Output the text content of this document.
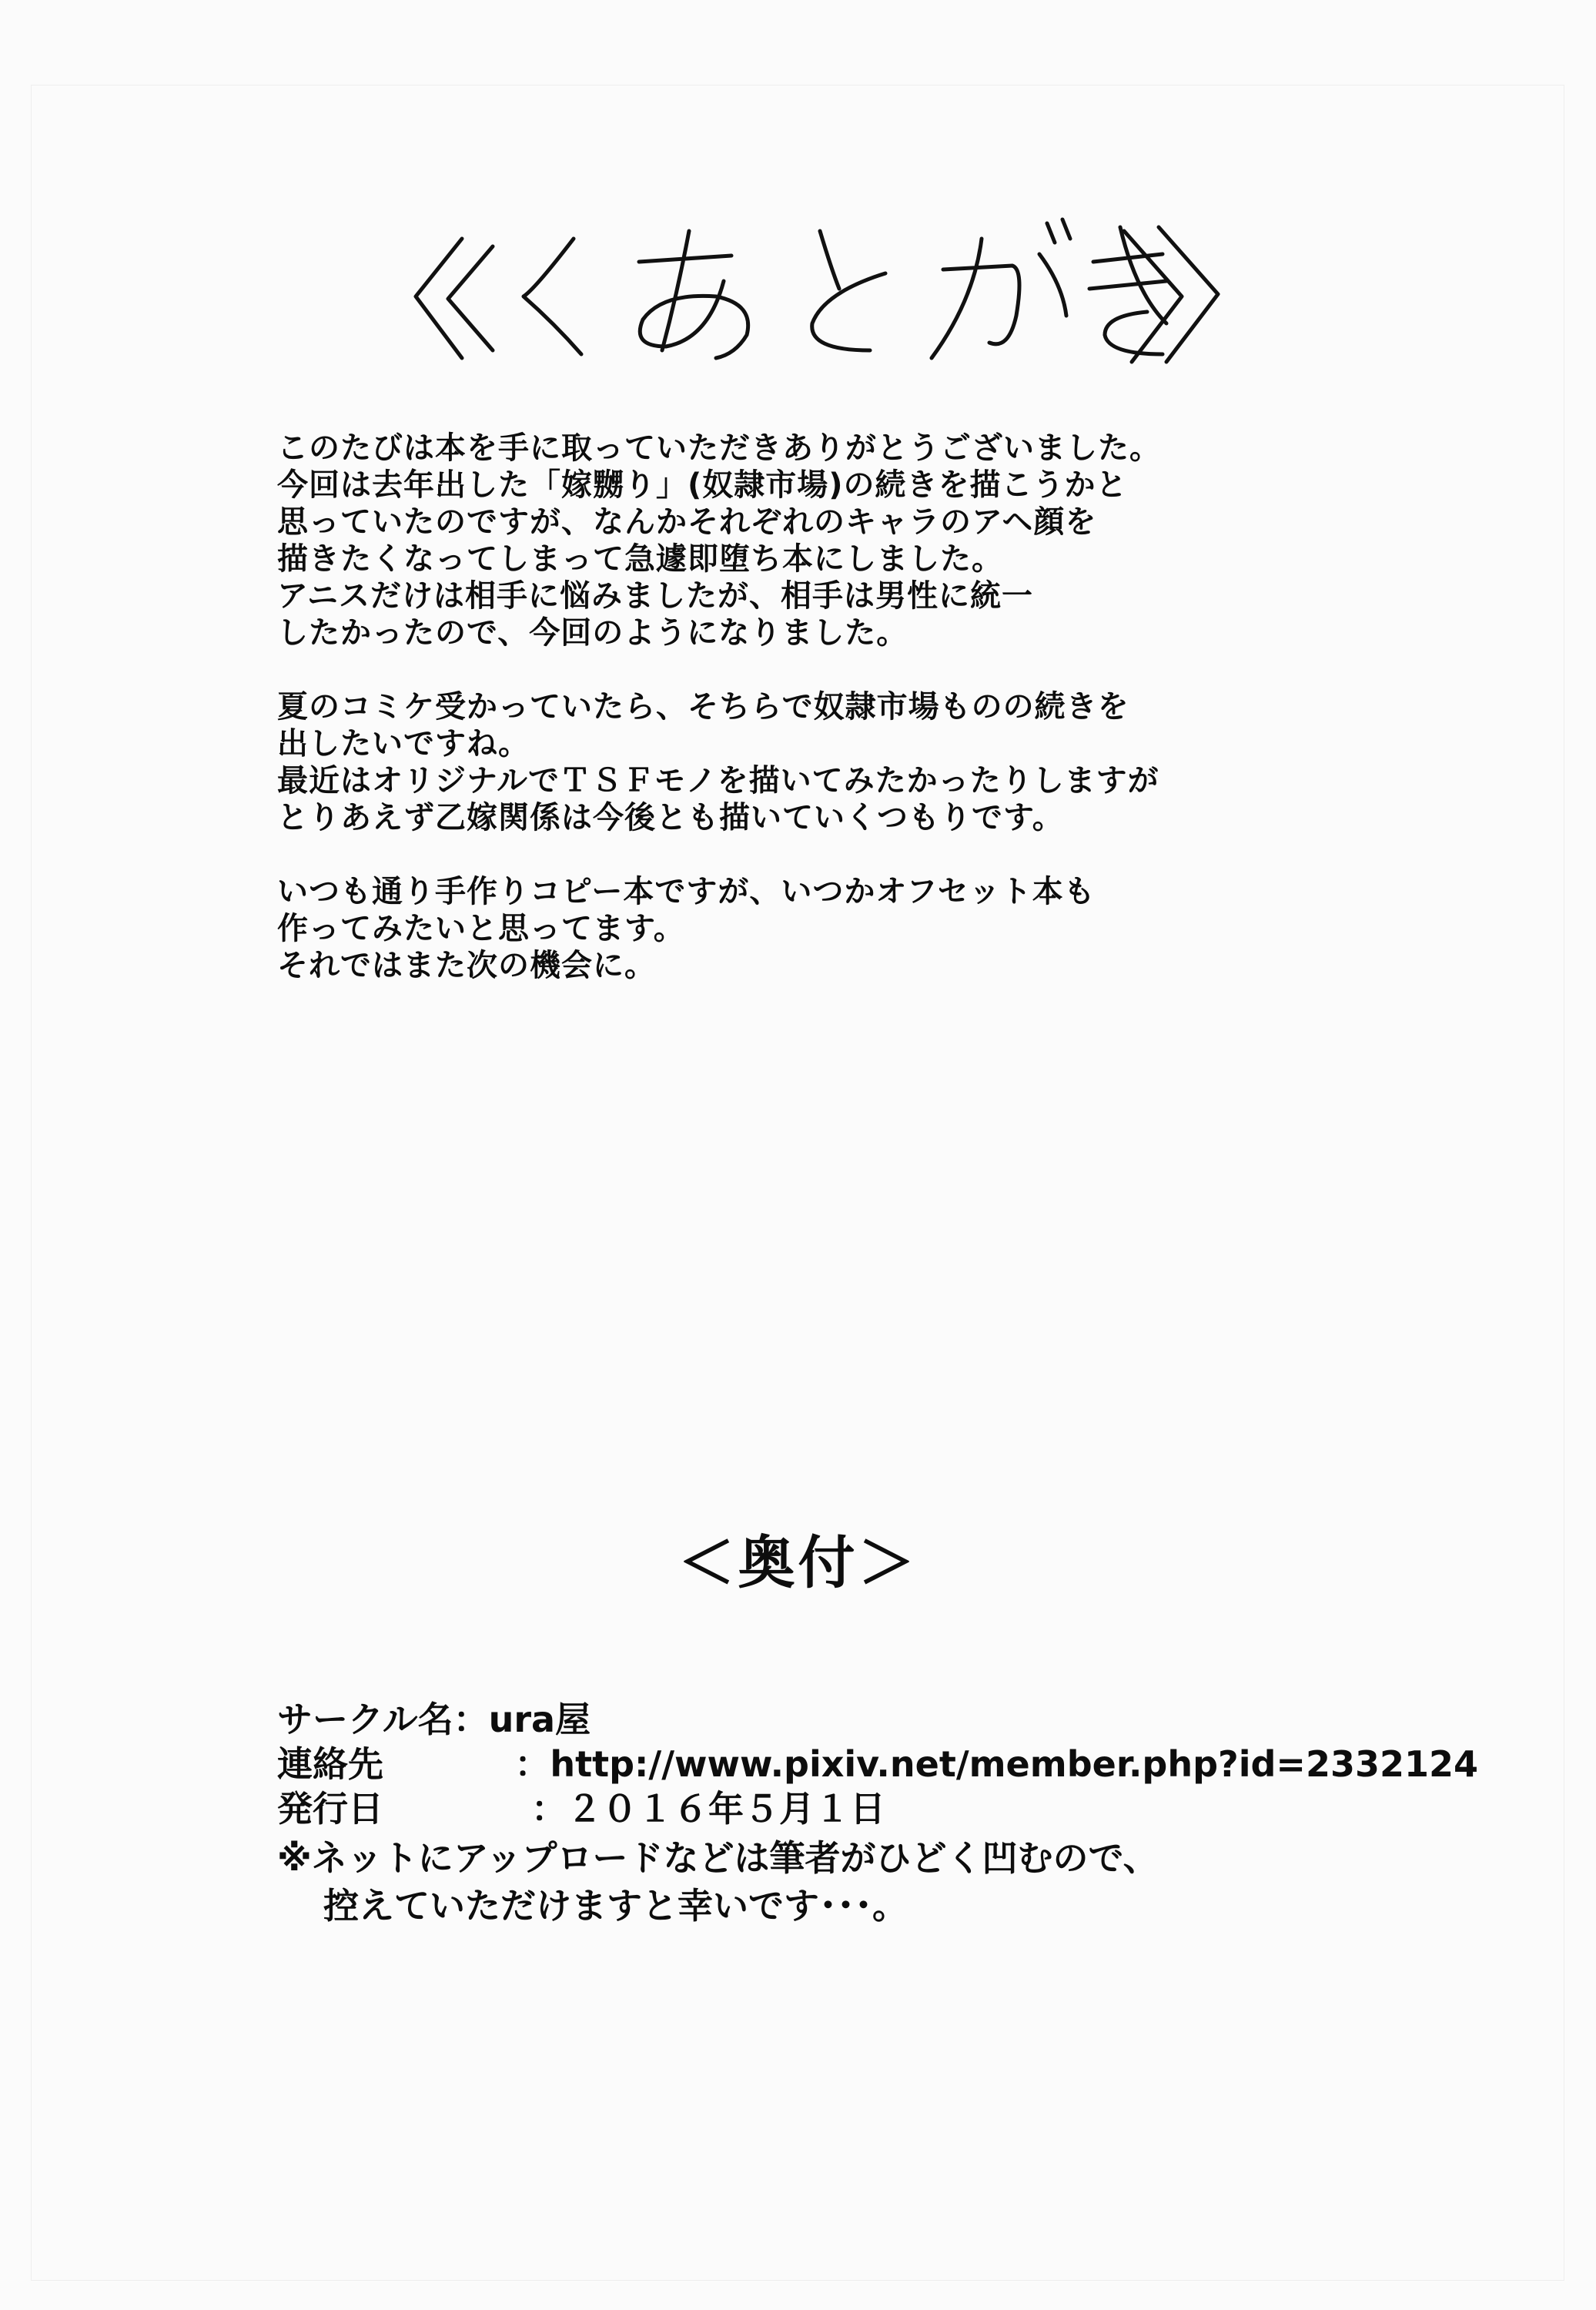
このたびは本を手に取っていただきありがとうございました。

今回は去年出した「嫁嬲り」(奴隷市場)の続きを描こうかと

思っていたのですが、なんかそれぞれのキャラのアヘ顔を

描きたくなってしまって急遽即堕ち本にしました。

アニスだけは相手に悩みましたが、相手は男性に統一

したかったので、今回のようになりました。

夏のコミケ受かっていたら、そちらで奴隷市場ものの続きを

出したいですね。

最近はオリジナルでＴＳＦモノを描いてみたかったりしますが

とりあえず乙嫁関係は今後とも描いていくつもりです。

いつも通り手作りコピー本ですが、いつかオフセット本も

作ってみたいと思ってます。

それではまた次の機会に。

＜奥付＞
サークル名 ：ura屋
連絡先	：http://www.pixiv.net/member.php?id=2332124
発行日	：２０１６年５月１日
※ネットにアップロードなどは筆者がひどく凹むので、
控えていただけますと幸いです･･･。
